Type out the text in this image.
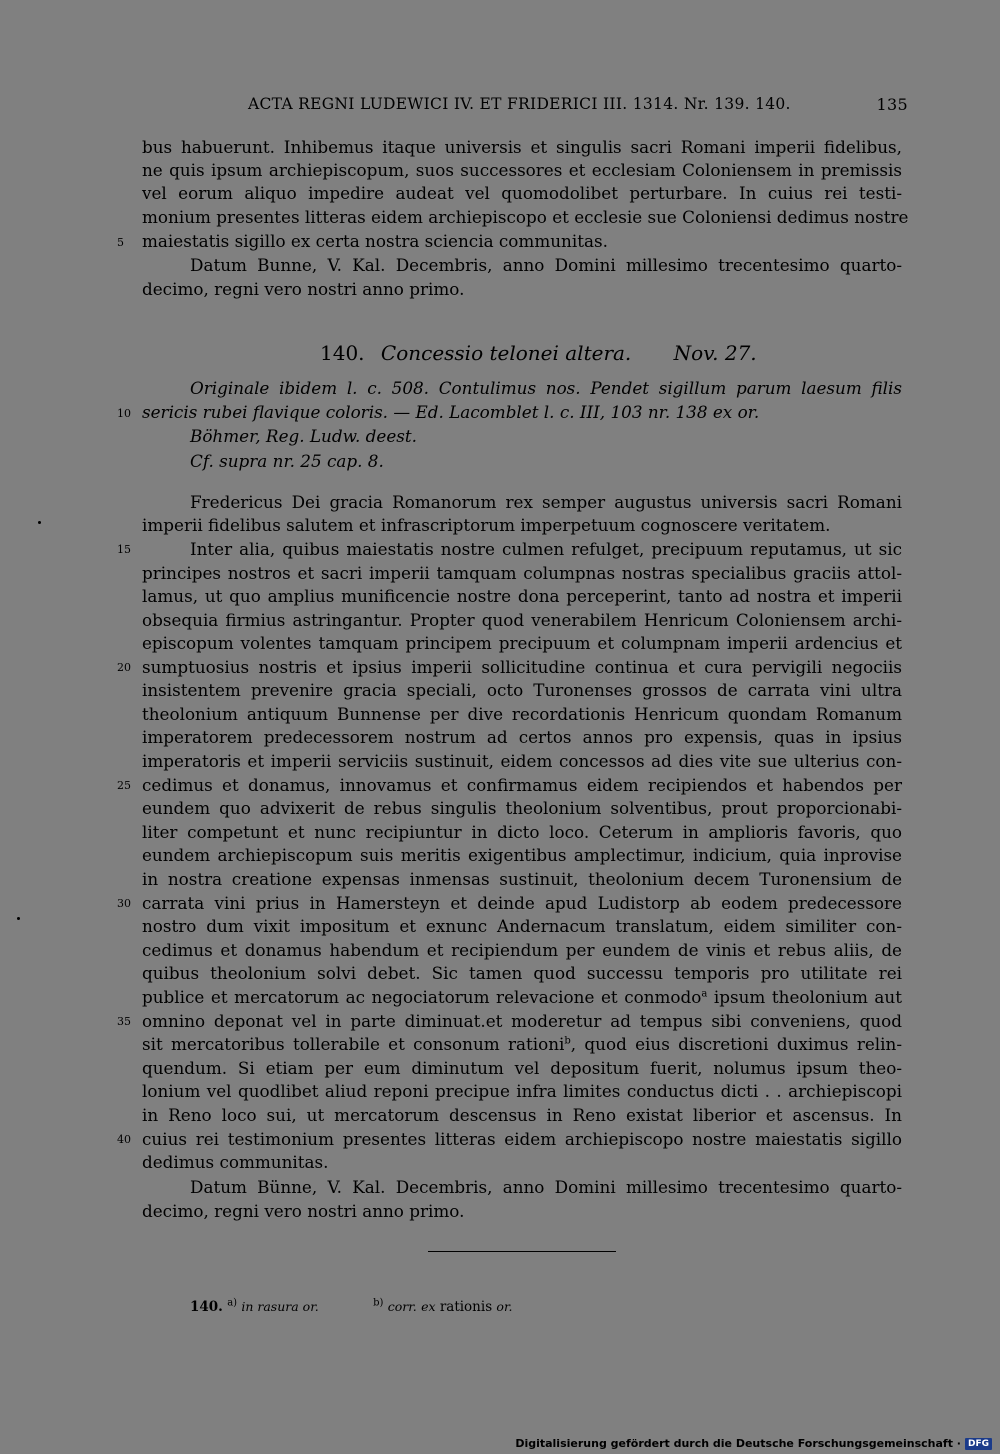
ACTA REGNI LUDEWICI IV. ET FRIDERICI III. 1314. Nr. 139. 140.	135
bus habuerunt. Inhibemus itaque universis et singulis sacri Romani imperii fidelibus,
ne quis ipsum archiepiscopum, suos successores et ecclesiam Coloniensem in premissis
vel eorum aliquo impedire audeat vel quomodolibet perturbare. In cuius rei testi-
monium presentes litteras eidem archiepiscopo et ecclesie sue Coloniensi dedimus nostre
maiestatis sigillo ex certa nostra sciencia communitas.
5
Datum Bunne, V. Kal. Decembris, anno Domini millesimo trecentesimo quarto-
decimo, regni vero nostri anno primo.
140. Concessio telonei altera. Nov. 27.
Originale ibidem l. c. 508. Contulimus nos. Pendet sigillum parum laesum filis
sericis rubei flavique coloris. — Ed. Lacomblet l. c. III, 103 nr. 138 ex or.
10
Böhmer, Reg. Ludw. deest.
Cf. supra nr. 25 cap. 8.
Fredericus Dei gracia Romanorum rex semper augustus universis sacri Romani
imperii fidelibus salutem et infrascriptorum imperpetuum cognoscere veritatem.
15	Inter alia, quibus maiestatis nostre culmen refulget, precipuum reputamus, ut sic
principes nostros et sacri imperii tamquam columpnas nostras specialibus graciis attol-
lamus, ut quo amplius munificencie nostre dona perceperint, tanto ad nostra et imperii
obsequia firmius astringantur. Propter quod venerabilem Henricum Coloniensem archi-
episcopum volentes tamquam principem precipuum et columpnam imperii ardencius et
20 sumptuosius nostris et ipsius imperii sollicitudine continua et cura pervigili negociis
insistentem prevenire gracia speciali, octo Turonenses grossos de carrata vini ultra
theolonium antiquum Bunnense per dive recordationis Henricum quondam Romanum
imperatorem predecessorem nostrum ad certos annos pro expensis, quas in ipsius
imperatoris et imperii serviciis sustinuit, eidem concessos ad dies vite sue ulterius con-
25 cedimus et donamus, innovamus et confirmamus eidem recipiendos et habendos per
eundem quo advixerit de rebus singulis theolonium solventibus, prout proporcionabi-
liter competunt et nunc recipiuntur in dicto loco. Ceterum in amplioris favoris, quo
eundem archiepiscopum suis meritis exigentibus amplectimur, indicium, quia inprovise
in nostra creatione expensas inmensas sustinuit, theolonium decem Turonensium de
30 carrata vini prius in Hamersteyn et deinde apud Ludistorp ab eodem predecessore
nostro dum vixit impositum et exnunc Andernacum translatum, eidem similiter con-
cedimus et donamus habendum et recipiendum per eundem de vinis et rebus aliis, de
quibus theolonium solvi debet. Sic tamen quod successu temporis pro utilitate rei
publice et mercatorum ac negociatorum relevacione et conmodo$^a$ ipsum theolonium aut
35 omnino deponat vel in parte diminuat.et moderetur ad tempus sibi conveniens, quod
sit mercatoribus tollerabile et consonum rationi$^b$, quod eius discretioni duximus relin-
quendum. Si etiam per eum diminutum vel depositum fuerit, nolumus ipsum theo-
lonium vel quodlibet aliud reponi precipue infra limites conductus dicti . . archiepiscopi
in Reno loco sui, ut mercatorum descensus in Reno existat liberior et ascensus. In
40 cuius rei testimonium presentes litteras eidem archiepiscopo nostre maiestatis sigillo
dedimus communitas.
Datum Bünne, V. Kal. Decembris, anno Domini millesimo trecentesimo quarto-
decimo, regni vero nostri anno primo.
140. $^{a)}$ in rasura or.	$^{b)}$ corr. ex rationis or.
Digitalisierung gefördert durch die Deutsche Forschungsgemeinschaft · DFG
